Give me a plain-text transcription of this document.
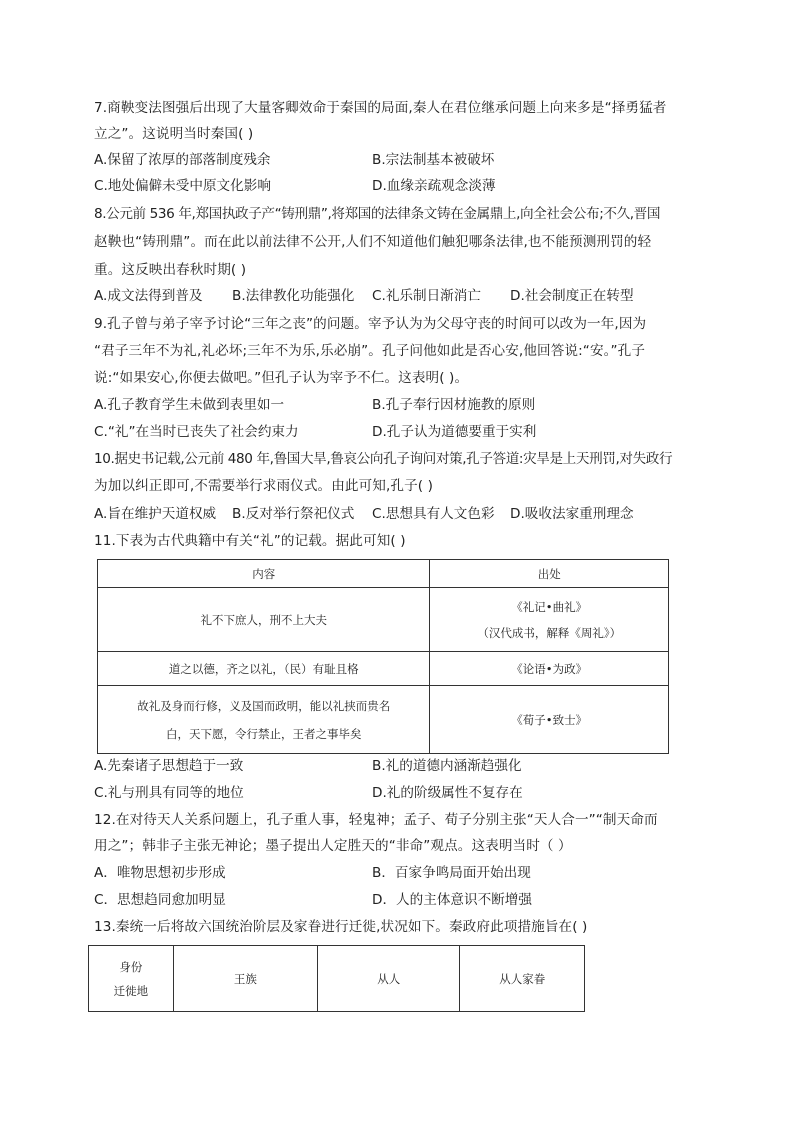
7.商鞅变法图强后出现了大量客卿效命于秦国的局面,秦人在君位继承问题上向来多是“择勇猛者
立之”。这说明当时秦国( )
A.保留了浓厚的部落制度残余	B.宗法制基本被破坏
C.地处偏僻未受中原文化影响	D.血缘亲疏观念淡薄
8.公元前 536 年,郑国执政子产“铸刑鼎”,将郑国的法律条文铸在金属鼎上,向全社会公布;不久,晋国
赵鞅也“铸刑鼎”。而在此以前法律不公开,人们不知道他们触犯哪条法律,也不能预测刑罚的轻
重。这反映出春秋时期( )
A.成文法得到普及 B.法律教化功能强化 C.礼乐制日渐消亡 D.社会制度正在转型
9.孔子曾与弟子宰予讨论“三年之丧”的问题。宰予认为为父母守丧的时间可以改为一年,因为
“君子三年不为礼,礼必坏;三年不为乐,乐必崩”。孔子问他如此是否心安,他回答说:“安。”孔子
说:“如果安心,你便去做吧。”但孔子认为宰予不仁。这表明( )。
A.孔子教育学生未做到表里如一	B.孔子奉行因材施教的原则
C.“礼”在当时已丧失了社会约束力	D.孔子认为道德要重于实利
10.据史书记载,公元前 480 年,鲁国大旱,鲁哀公向孔子询问对策,孔子答道:灾旱是上天刑罚,对失政行
为加以纠正即可,不需要举行求雨仪式。由此可知,孔子( )
A.旨在维护天道权威 B.反对举行祭祀仪式 C.思想具有人文色彩 D.吸收法家重刑理念
11.下表为古代典籍中有关“礼”的记载。据此可知( )
内容	出处
礼不下庶人，刑不上大夫	《礼记•曲礼》
（汉代成书，解释《周礼》）

道之以德，齐之以礼，（民）有耻且格	《论语•为政》

故礼及身而行修，义及国而政明，能以礼挟而贵名
白，天下愿，令行禁止，王者之事毕矣	《荀子•致士》
A.先秦诸子思想趋于一致	B.礼的道德内涵渐趋强化
C.礼与刑具有同等的地位	D.礼的阶级属性不复存在
12.在对待天人关系问题上，孔子重人事，轻鬼神；孟子、荀子分别主张“天人合一”“制天命而
用之”；韩非子主张无神论；墨子提出人定胜天的“非命”观点。这表明当时（ ）
A．唯物思想初步形成	B．百家争鸣局面开始出现
C．思想趋同愈加明显	D．人的主体意识不断增强
13.秦统一后将故六国统治阶层及家眷进行迁徙,状况如下。秦政府此项措施旨在( )
身份
迁徙地
	王族	从人	从人家眷
